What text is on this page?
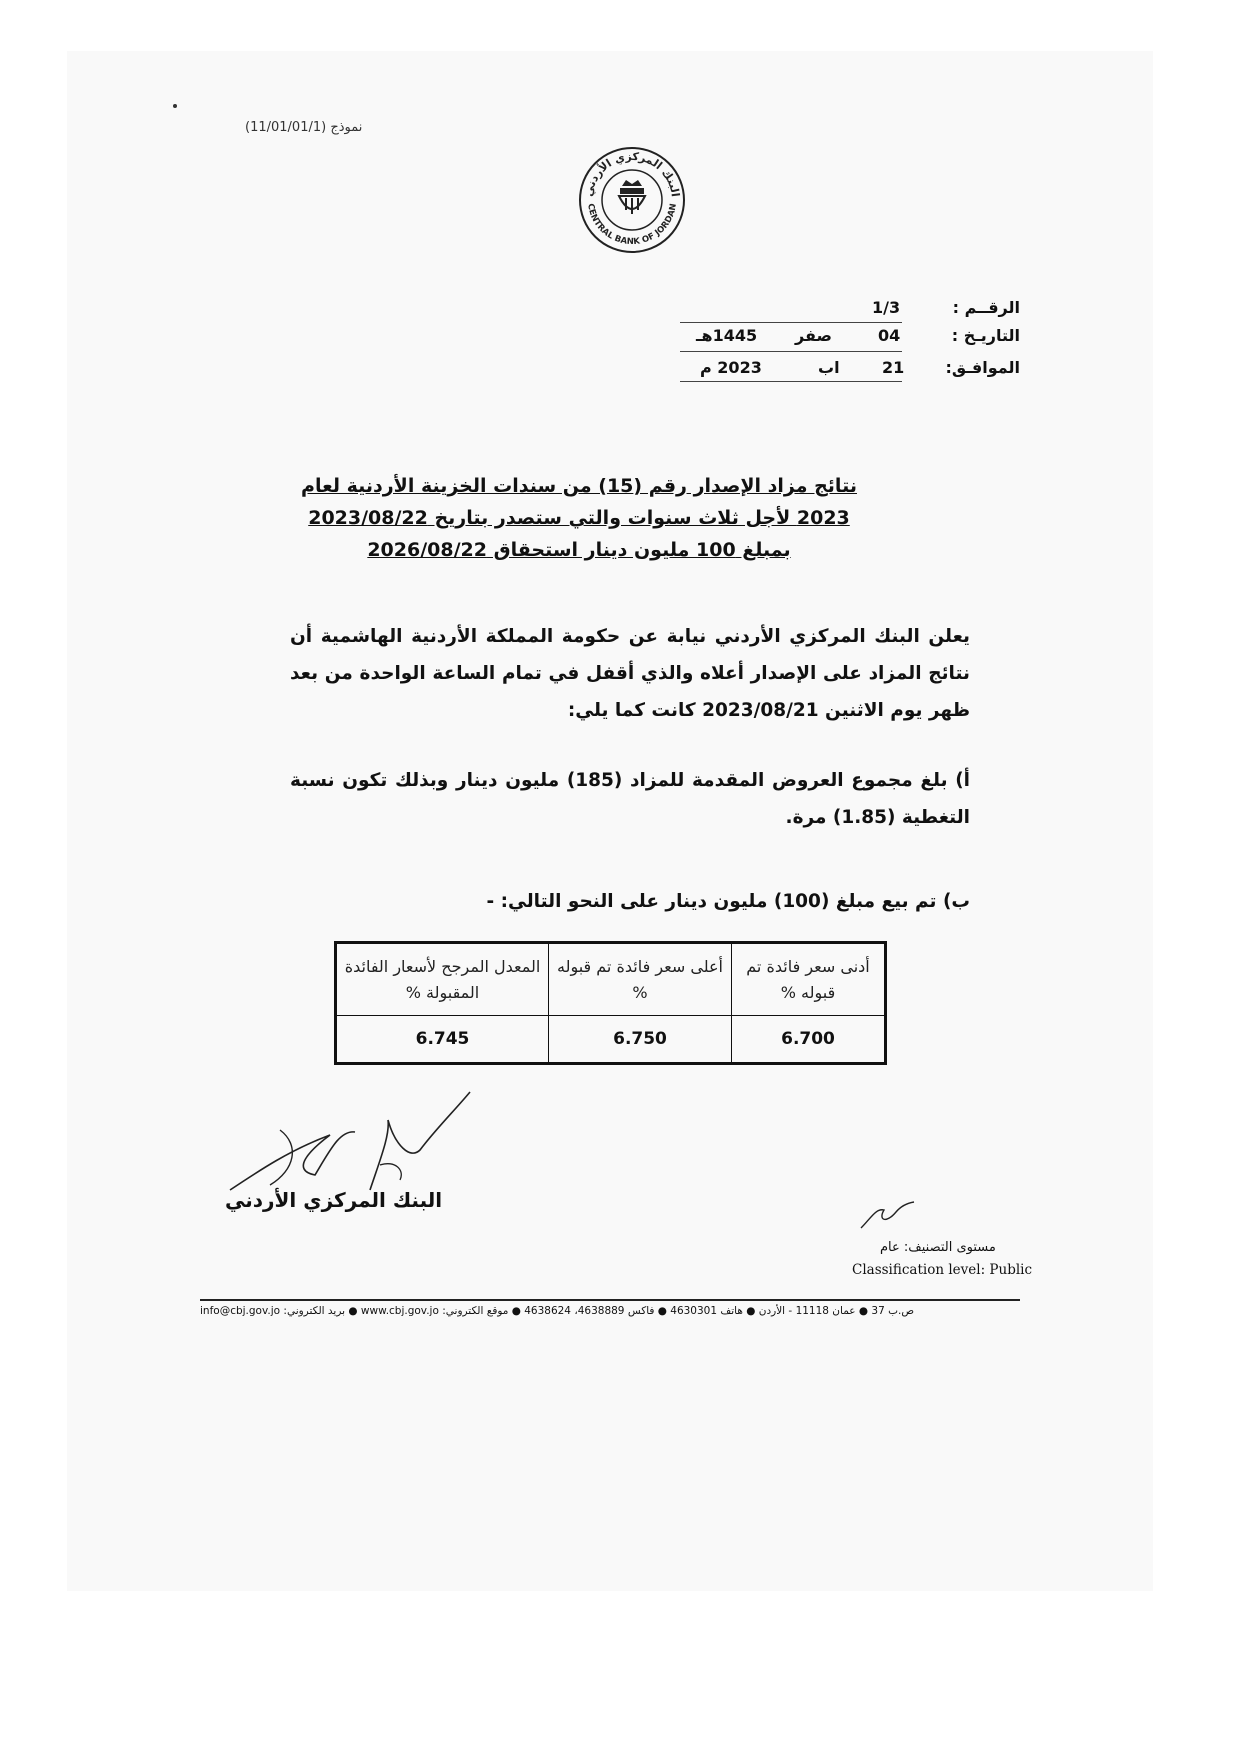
نموذج (11/01/01/1)
البنك المركزي الأردني
CENTRAL BANK OF JORDAN
الرقــم :
1/3
التاريـخ :
1445هـ صفر	04
الموافـق:
2023 م	اب	21
نتائج مزاد الإصدار رقم (15) من سندات الخزينة الأردنية لعام
2023 لأجل ثلاث سنوات والتي ستصدر بتاريخ 2023/08/22
بمبلغ 100 مليون دينار استحقاق 2026/08/22
يعلن البنك المركزي الأردني نيابة عن حكومة المملكة الأردنية الهاشمية أن نتائج المزاد على الإصدار أعلاه والذي أقفل في تمام الساعة الواحدة من بعد ظهر يوم الاثنين 2023/08/21 كانت كما يلي:
أ) بلغ مجموع العروض المقدمة للمزاد (185) مليون دينار وبذلك تكون نسبة التغطية (1.85) مرة.
ب) تم بيع مبلغ (100) مليون دينار على النحو التالي: -
أدنى سعر فائدة تم قبوله %	أعلى سعر فائدة تم قبوله %	المعدل المرجح لأسعار الفائدة المقبولة %
6.700	6.750	6.745
البنك المركزي الأردني
مستوى التصنيف: عام
Classification level: Public
ص.ب 37 ● عمان 11118 - الأردن ● هاتف 4630301 ● فاكس 4638889، 4638624 ● موقع الكتروني: www.cbj.gov.jo ● بريد الكتروني: info@cbj.gov.jo
